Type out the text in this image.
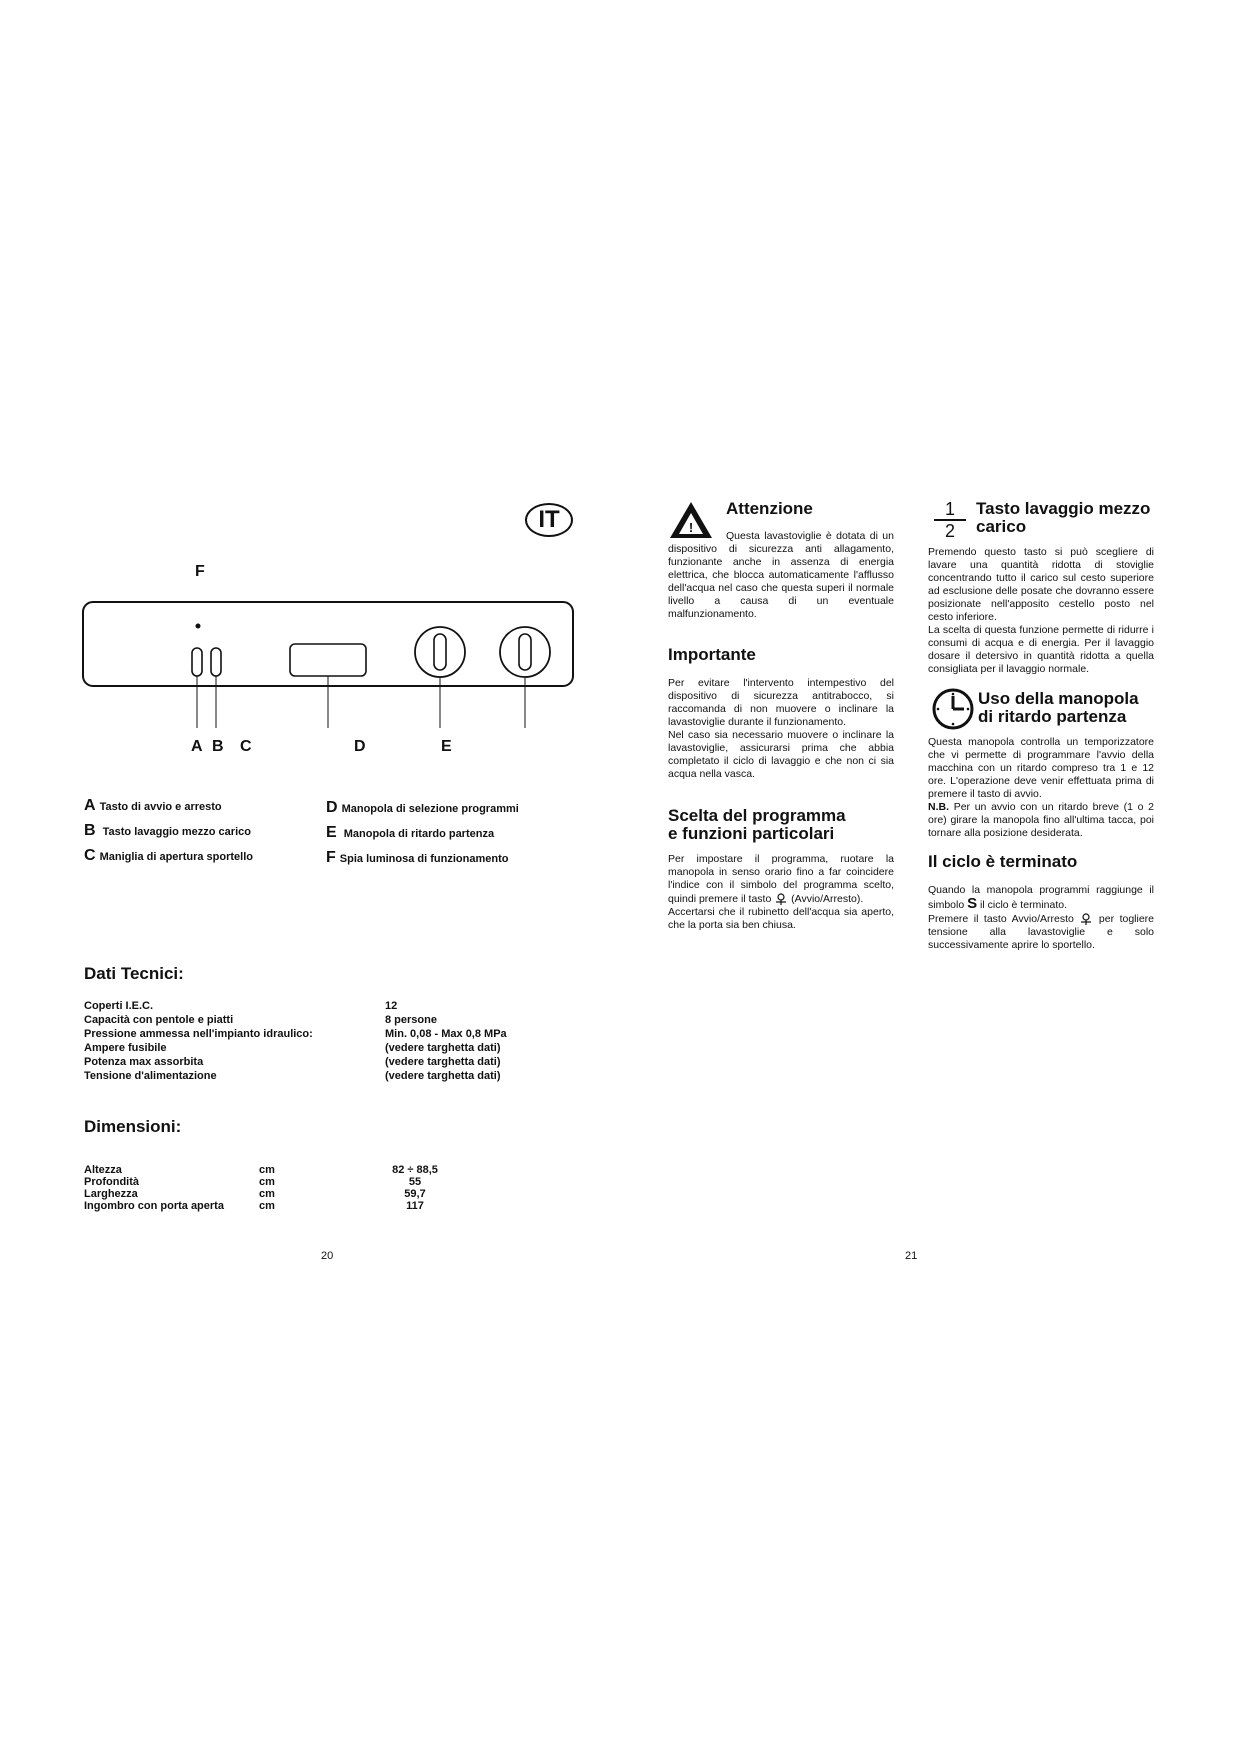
IT
F
A B C	D	E
A Tasto di avvio e arresto
B Tasto lavaggio mezzo carico
C Maniglia di apertura sportello
D Manopola di selezione programmi
E Manopola di ritardo partenza
F Spia luminosa di funzionamento
Dati Tecnici:
Coperti I.E.C.	12
Capacità con pentole e piatti	8 persone
Pressione ammessa nell'impianto idraulico:	Min. 0,08 - Max 0,8 MPa
Ampere fusibile	(vedere targhetta dati)
Potenza max assorbita	(vedere targhetta dati)
Tensione d'alimentazione	(vedere targhetta dati)
Dimensioni:
Altezza	cm	82 ÷ 88,5
Profondità	cm	55
Larghezza	cm	59,7
Ingombro con porta aperta	cm	117
20
!
Attenzione
Questa lavastoviglie è dotata di un dispositivo di sicurezza anti allagamento, funzionante anche in assenza di energia elettrica, che blocca automaticamente l'afflusso dell'acqua nel caso che questa superi il normale livello a causa di un eventuale malfunzionamento.
Importante
Per evitare l'intervento intempestivo del dispositivo di sicurezza antitrabocco, si raccomanda di non muovere o inclinare la lavastoviglie durante il funzionamento.
Nel caso sia necessario muovere o inclinare la lavastoviglie, assicurarsi prima che abbia completato il ciclo di lavaggio e che non ci sia acqua nella vasca.
Scelta del programma
e funzioni particolari
Per impostare il programma, ruotare la manopola in senso orario fino a far coincidere l'indice con il simbolo del programma scelto, quindi premere il tasto (Avvio/Arresto).
Accertarsi che il rubinetto dell'acqua sia aperto, che la porta sia ben chiusa.
21
1
2
Tasto lavaggio mezzo
carico
Premendo questo tasto si può scegliere di lavare una quantità ridotta di stoviglie concentrando tutto il carico sul cesto superiore ad esclusione delle posate che dovranno essere posizionate nell'apposito cestello posto nel cesto inferiore.
La scelta di questa funzione permette di ridurre i consumi di acqua e di energia. Per il lavaggio dosare il detersivo in quantità ridotta a quella consigliata per il lavaggio normale.
Uso della manopola
di ritardo partenza
Questa manopola controlla un temporizzatore che vi permette di programmare l'avvio della macchina con un ritardo compreso tra 1 e 12 ore. L'operazione deve venir effettuata prima di premere il tasto di avvio.
N.B. Per un avvio con un ritardo breve (1 o 2 ore) girare la manopola fino all'ultima tacca, poi tornare alla posizione desiderata.
Il ciclo è terminato
Quando la manopola programmi raggiunge il simbolo S il ciclo è terminato.
Premere il tasto Avvio/Arresto per togliere tensione alla lavastoviglie e solo successivamente aprire lo sportello.
